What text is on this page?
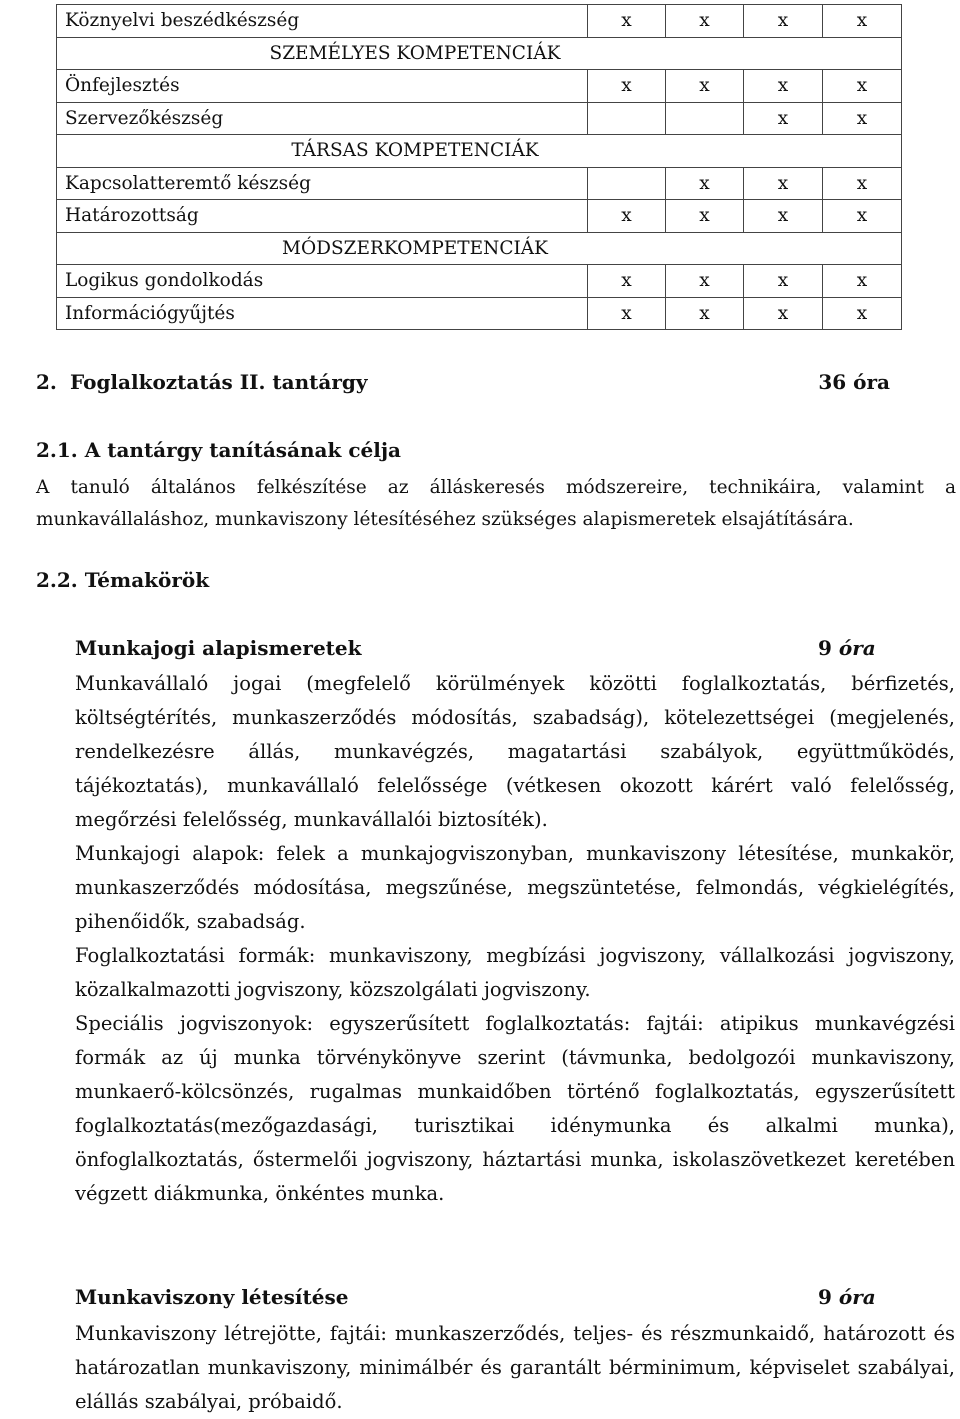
Köznyelvi beszédkészség	x	x	x	x
SZEMÉLYES KOMPETENCIÁK				
Önfejlesztés	x	x	x	x
Szervezőkészség			x	x
TÁRSAS KOMPETENCIÁK				
Kapcsolatteremtő készség		x	x	x
Határozottság	x	x	x	x
MÓDSZERKOMPETENCIÁK				
Logikus gondolkodás	x	x	x	x
Információgyűjtés	x	x	x	x
2. Foglalkoztatás II. tantárgy	36 óra
2.1. A tantárgy tanításának célja
A tanuló általános felkészítése az álláskeresés módszereire, technikáira, valamint a
munkavállaláshoz, munkaviszony létesítéséhez szükséges alapismeretek elsajátítására.
2.2. Témakörök
Munkajogi alapismeretek	9 óra

Munkavállaló jogai (megfelelő körülmények közötti foglalkoztatás, bérfizetés, költségtérítés, munkaszerződés módosítás, szabadság), kötelezettségei (megjelenés, rendelkezésre állás, munkavégzés, magatartási szabályok, együttműködés, tájékoztatás), munkavállaló felelőssége (vétkesen okozott kárért való felelősség, megőrzési felelősség, munkavállalói biztosíték).

Munkajogi alapok: felek a munkajogviszonyban, munkaviszony létesítése, munkakör, munkaszerződés módosítása, megszűnése, megszüntetése, felmondás, végkielégítés, pihenőidők, szabadság.

Foglalkoztatási formák: munkaviszony, megbízási jogviszony, vállalkozási jogviszony, közalkalmazotti jogviszony, közszolgálati jogviszony.

Speciális jogviszonyok: egyszerűsített foglalkoztatás: fajtái: atipikus munkavégzési formák az új munka törvénykönyve szerint (távmunka, bedolgozói munkaviszony, munkaerő-kölcsönzés, rugalmas munkaidőben történő foglalkoztatás, egyszerűsített foglalkoztatás(mezőgazdasági, turisztikai idénymunka és alkalmi munka), önfoglalkoztatás, őstermelői jogviszony, háztartási munka, iskolaszövetkezet keretében végzett diákmunka, önkéntes munka.

Munkaviszony létesítése	9 óra

Munkaviszony létrejötte, fajtái: munkaszerződés, teljes- és részmunkaidő, határozott és határozatlan munkaviszony, minimálbér és garantált bérminimum, képviselet szabályai, elállás szabályai, próbaidő.
